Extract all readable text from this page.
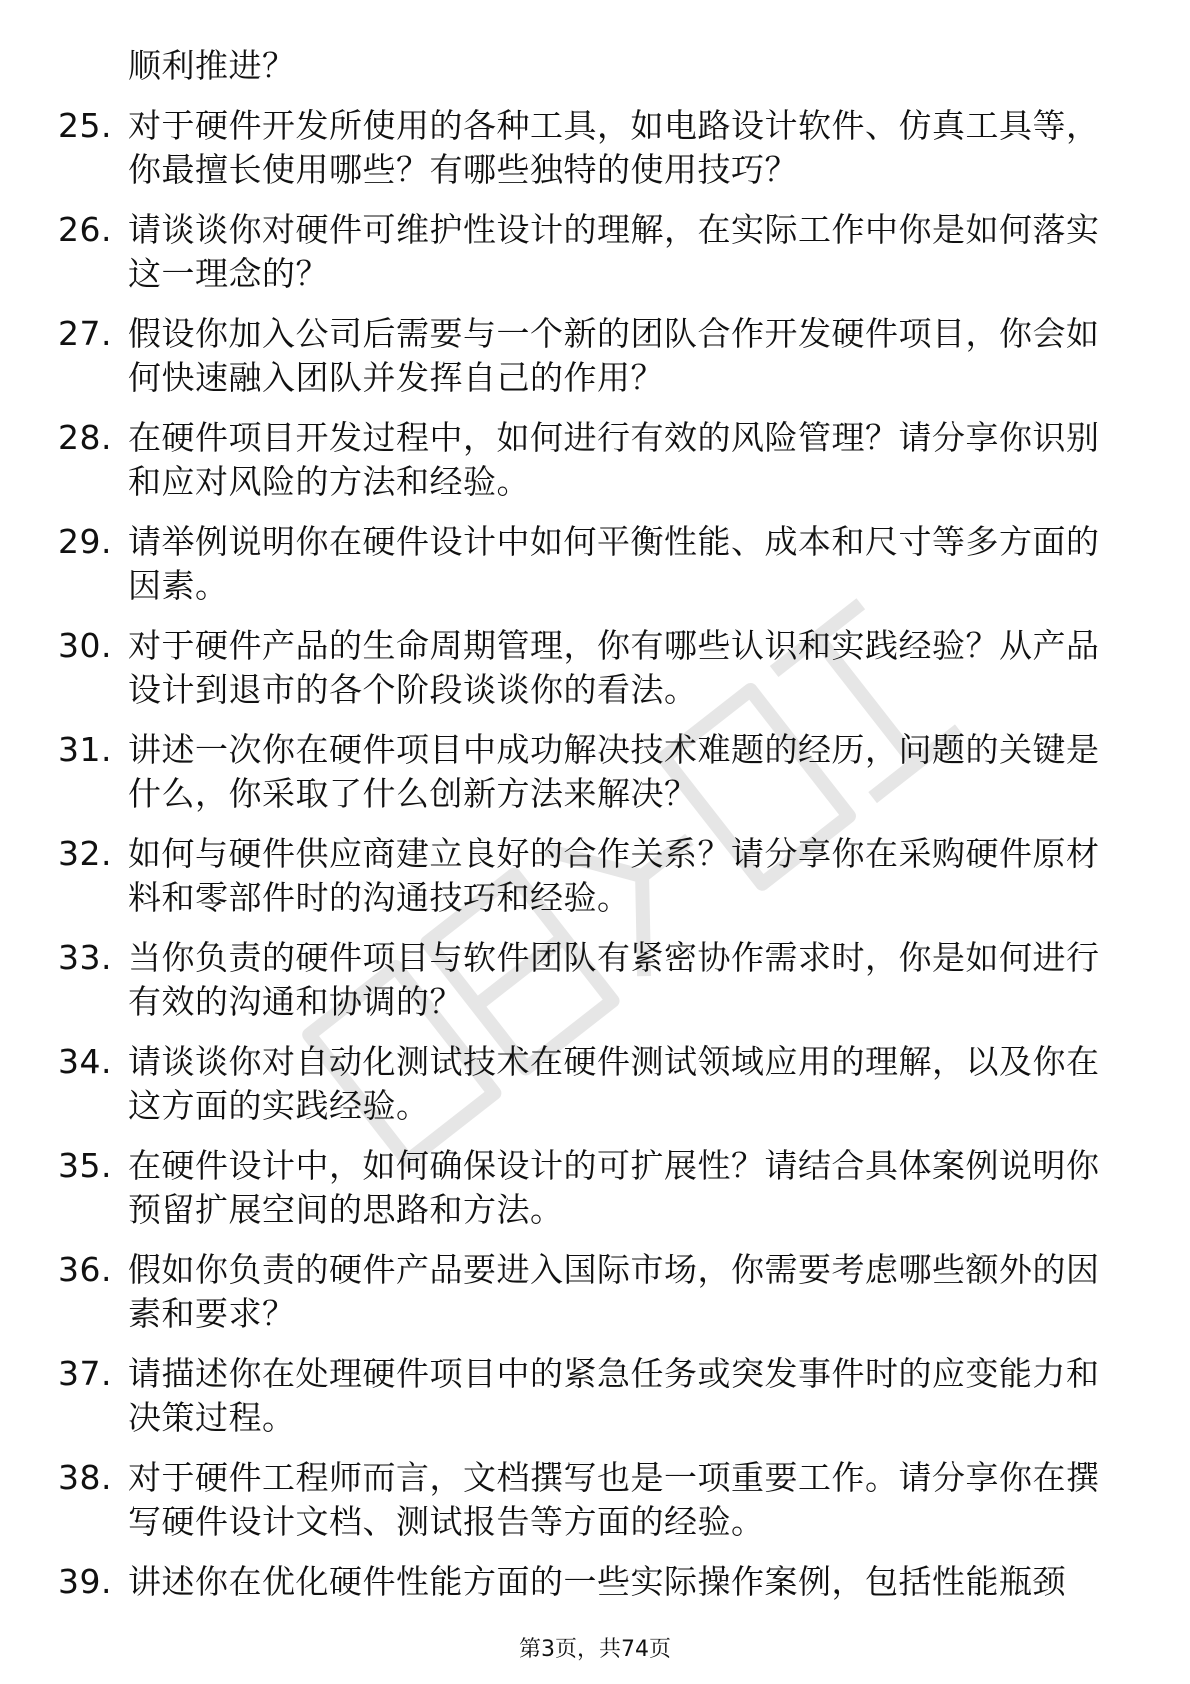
顺利推进？
25. 对于硬件开发所使用的各种工具，如电路设计软件、仿真工具等，你最擅长使用哪些？有哪些独特的使用技巧？
26. 请谈谈你对硬件可维护性设计的理解，在实际工作中你是如何落实这一理念的？
27. 假设你加入公司后需要与一个新的团队合作开发硬件项目，你会如何快速融入团队并发挥自己的作用？
28. 在硬件项目开发过程中，如何进行有效的风险管理？请分享你识别和应对风险的方法和经验。
29. 请举例说明你在硬件设计中如何平衡性能、成本和尺寸等多方面的因素。
30. 对于硬件产品的生命周期管理，你有哪些认识和实践经验？从产品设计到退市的各个阶段谈谈你的看法。
31. 讲述一次你在硬件项目中成功解决技术难题的经历，问题的关键是什么，你采取了什么创新方法来解决？
32. 如何与硬件供应商建立良好的合作关系？请分享你在采购硬件原材料和零部件时的沟通技巧和经验。
33. 当你负责的硬件项目与软件团队有紧密协作需求时，你是如何进行有效的沟通和协调的？
34. 请谈谈你对自动化测试技术在硬件测试领域应用的理解，以及你在这方面的实践经验。
35. 在硬件设计中，如何确保设计的可扩展性？请结合具体案例说明你预留扩展空间的思路和方法。
36. 假如你负责的硬件产品要进入国际市场，你需要考虑哪些额外的因素和要求？
37. 请描述你在处理硬件项目中的紧急任务或突发事件时的应变能力和决策过程。
38. 对于硬件工程师而言，文档撰写也是一项重要工作。请分享你在撰写硬件设计文档、测试报告等方面的经验。
39. 讲述你在优化硬件性能方面的一些实际操作案例，包括性能瓶颈
第3页，共74页
